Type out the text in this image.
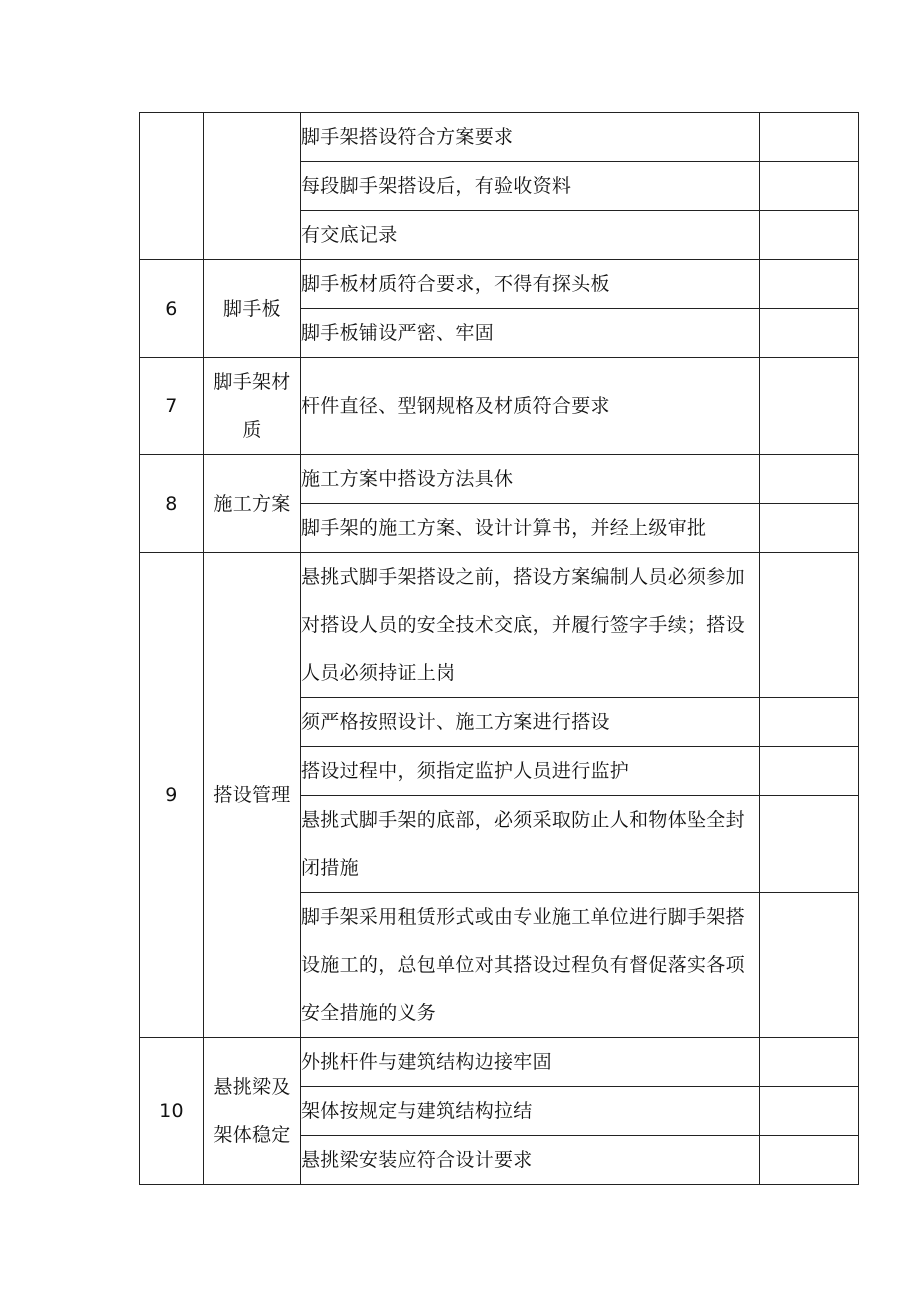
		脚手架搭设符合方案要求	
		每段脚手架搭设后，有验收资料	
		有交底记录	
6	脚手板	脚手板材质符合要求，不得有探头板	
		脚手板铺设严密、牢固	
7	脚手架材质	杆件直径、型钢规格及材质符合要求	
8	施工方案	施工方案中搭设方法具休	
		脚手架的施工方案、设计计算书，并经上级审批	
9	搭设管理	悬挑式脚手架搭设之前，搭设方案编制人员必须参加对搭设人员的安全技术交底，并履行签字手续；搭设人员必须持证上岗	
		须严格按照设计、施工方案进行搭设	
		搭设过程中，须指定监护人员进行监护	
		悬挑式脚手架的底部，必须采取防止人和物体坠全封闭措施	
		脚手架采用租赁形式或由专业施工单位进行脚手架搭设施工的，总包单位对其搭设过程负有督促落实各项安全措施的义务	
10	悬挑梁及架体稳定	外挑杆件与建筑结构边接牢固	
		架体按规定与建筑结构拉结	
		悬挑梁安装应符合设计要求	
